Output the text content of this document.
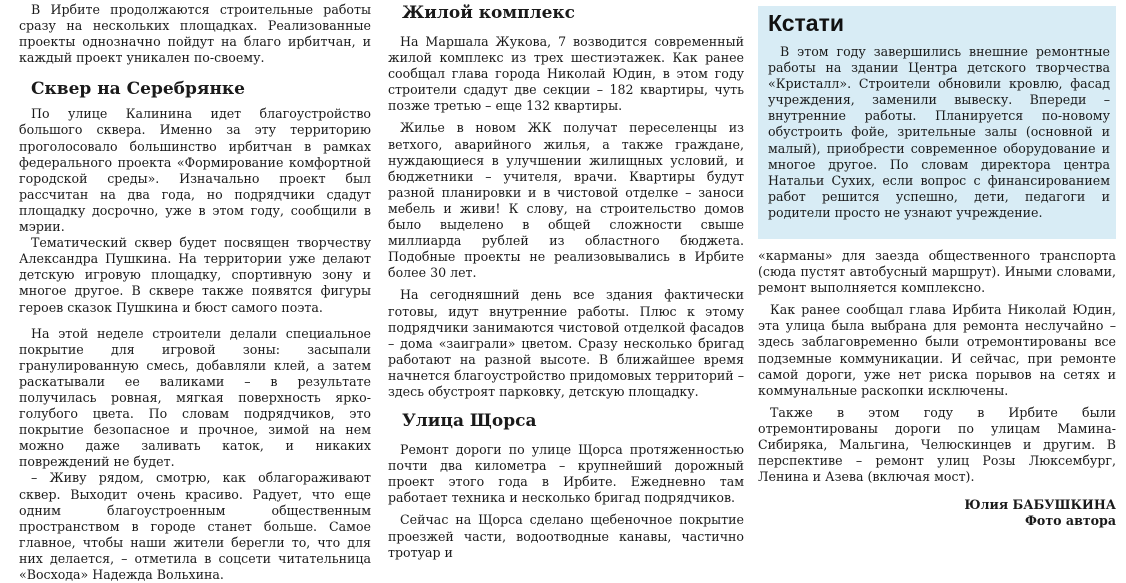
В Ирбите продолжаются строительные работы сразу на нескольких площадках. Реализованные проекты однозначно пойдут на благо ирбитчан, и каждый проект уникален по-своему.

Сквер на Серебрянке

По улице Калинина идет благоустройство большого сквера. Именно за эту территорию проголосовало большинство ирбитчан в рамках федерального проекта «Формирование комфортной городской среды». Изначально проект был рассчитан на два года, но подрядчики сдадут площадку досрочно, уже в этом году, сообщили в мэрии.

Тематический сквер будет посвящен творчеству Александра Пушкина. На территории уже делают детскую игровую площадку, спортивную зону и многое другое. В сквере также появятся фигуры героев сказок Пушкина и бюст самого поэта.

На этой неделе строители делали специальное покрытие для игровой зоны: засыпали гранулированную смесь, добавляли клей, а затем раскатывали ее валиками – в результате получилась ровная, мягкая поверхность ярко-голубого цвета. По словам подрядчиков, это покрытие безопасное и прочное, зимой на нем можно даже заливать каток, и никаких повреждений не будет.

– Живу рядом, смотрю, как облагораживают сквер. Выходит очень красиво. Радует, что еще одним благоустроенным общественным пространством в городе станет больше. Самое главное, чтобы наши жители берегли то, что для них делается, – отметила в соцсети читательница «Восхода» Надежда Вольхина.

Жилой комплекс

На Маршала Жукова, 7 возводится современный жилой комплекс из трех шестиэтажек. Как ранее сообщал глава города Николай Юдин, в этом году строители сдадут две секции – 182 квартиры, чуть позже третью – еще 132 квартиры.

Жилье в новом ЖК получат переселенцы из ветхого, аварийного жилья, а также граждане, нуждающиеся в улучшении жилищных условий, и бюджетники – учителя, врачи. Квартиры будут разной планировки и в чистовой отделке – заноси мебель и живи! К слову, на строительство домов было выделено в общей сложности свыше миллиарда рублей из областного бюджета. Подобные проекты не реализовывались в Ирбите более 30 лет.

На сегодняшний день все здания фактически готовы, идут внутренние работы. Плюс к этому подрядчики занимаются чистовой отделкой фасадов – дома «заиграли» цветом. Сразу несколько бригад работают на разной высоте. В ближайшее время начнется благоустройство придомовых территорий – здесь обустроят парковку, детскую площадку.

Улица Щорса

Ремонт дороги по улице Щорса протяженностью почти два километра – крупнейший дорожный проект этого года в Ирбите. Ежедневно там работает техника и несколько бригад подрядчиков.

Сейчас на Щорса сделано щебеночное покрытие проезжей части, водоотводные канавы, частично тротуар и

Кстати

В этом году завершились внешние ремонтные работы на здании Центра детского творчества «Кристалл». Строители обновили кровлю, фасад учреждения, заменили вывеску. Впереди – внутренние работы. Планируется по-новому обустроить фойе, зрительные залы (основной и малый), приобрести современное оборудование и многое другое. По словам директора центра Натальи Сухих, если вопрос с финансированием работ решится успешно, дети, педагоги и родители просто не узнают учреждение.

«карманы» для заезда общественного транспорта (сюда пустят автобусный маршрут). Иными словами, ремонт выполняется комплексно.

Как ранее сообщал глава Ирбита Николай Юдин, эта улица была выбрана для ремонта неслучайно – здесь заблаговременно были отремонтированы все подземные коммуникации. И сейчас, при ремонте самой дороги, уже нет риска порывов на сетях и коммунальные раскопки исключены.

Также в этом году в Ирбите были отремонтированы дороги по улицам Мамина-Сибиряка, Мальгина, Челюскинцев и другим. В перспективе – ремонт улиц Розы Люксембург, Ленина и Азева (включая мост).

Юлия БАБУШКИНА
Фото автора
